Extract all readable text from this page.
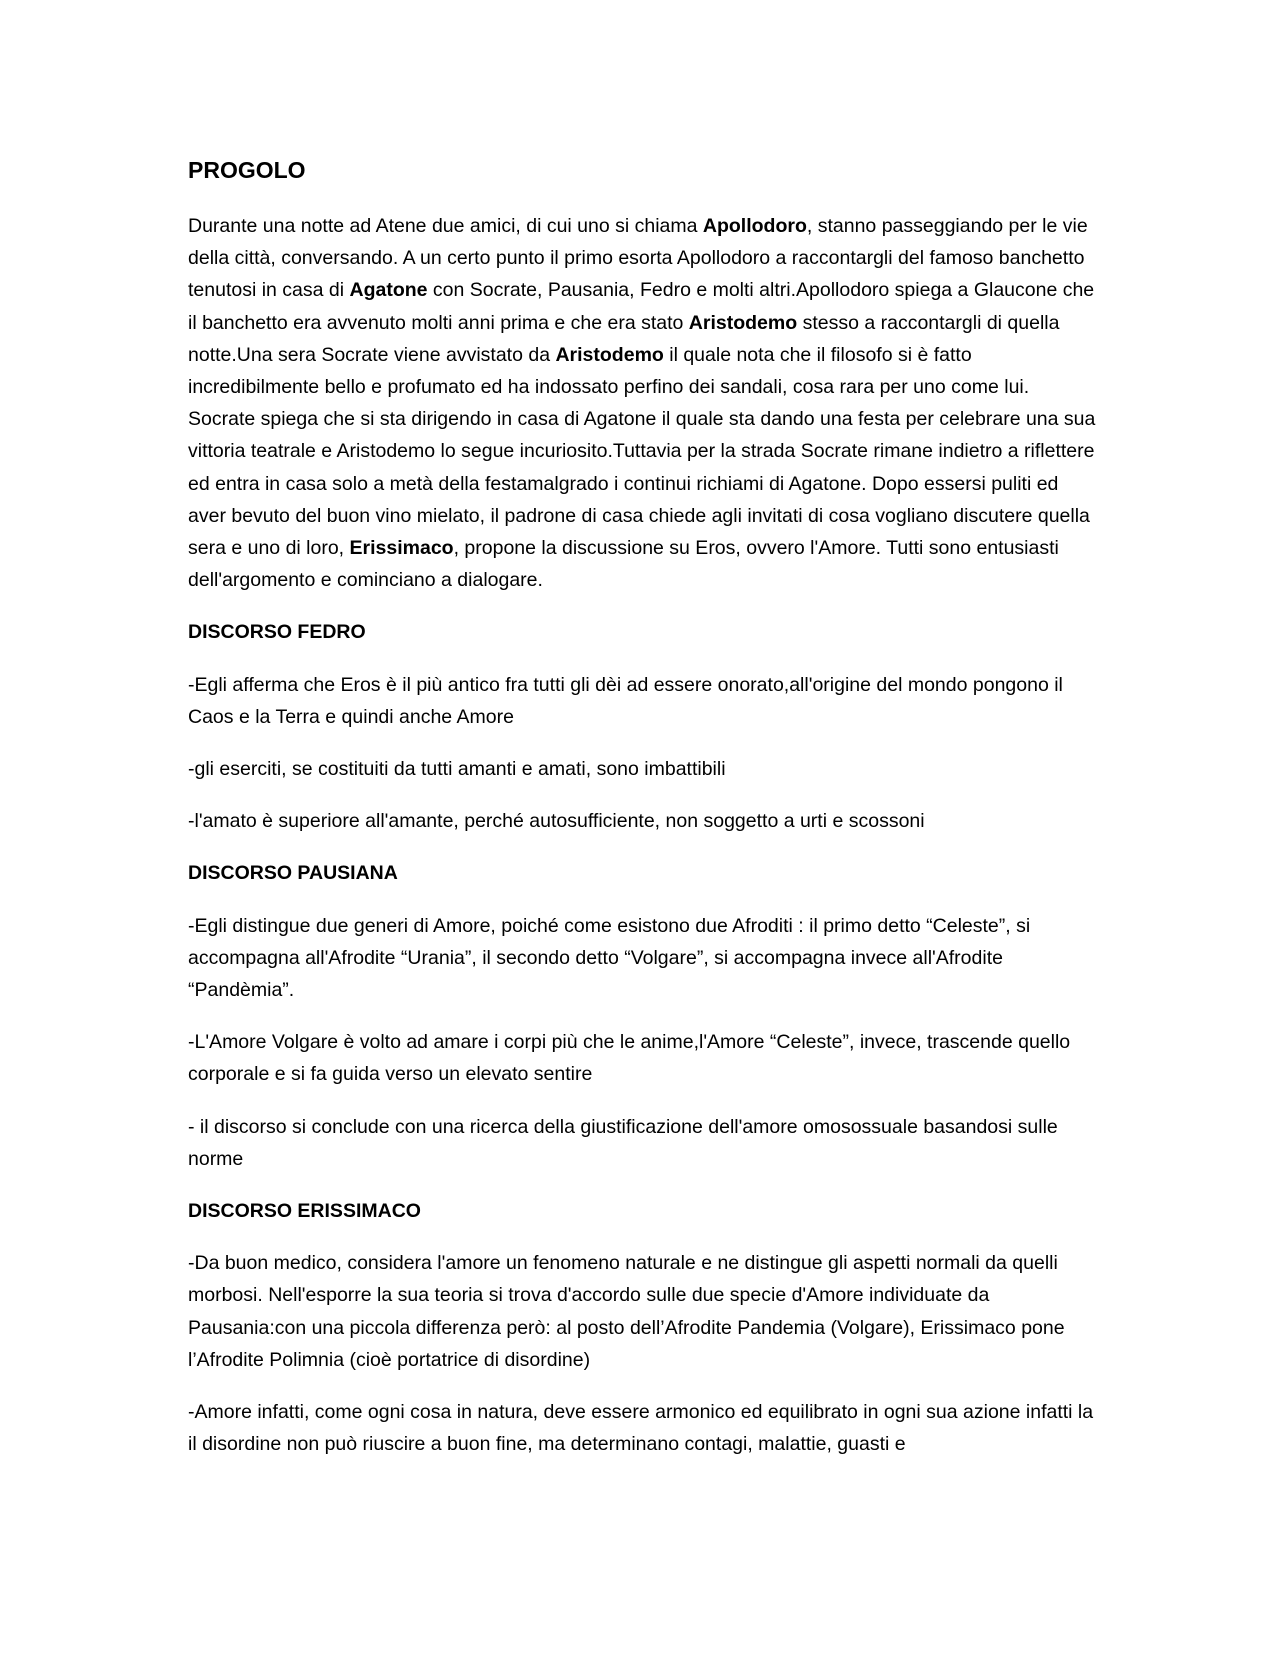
PROGOLO
Durante una notte ad Atene due amici, di cui uno si chiama Apollodoro, stanno passeggiando per le vie della città, conversando. A un certo punto il primo esorta Apollodoro a raccontargli del famoso banchetto tenutosi in casa di Agatone con Socrate, Pausania, Fedro e molti altri.Apollodoro spiega a Glaucone che il banchetto era avvenuto molti anni prima e che era stato Aristodemo stesso a raccontargli di quella notte.Una sera Socrate viene avvistato da Aristodemo il quale nota che il filosofo si è fatto incredibilmente bello e profumato ed ha indossato perfino dei sandali, cosa rara per uno come lui. Socrate spiega che si sta dirigendo in casa di Agatone il quale sta dando una festa per celebrare una sua vittoria teatrale e Aristodemo lo segue incuriosito.Tuttavia per la strada Socrate rimane indietro a riflettere ed entra in casa solo a metà della festamalgrado i continui richiami di Agatone. Dopo essersi puliti ed aver bevuto del buon vino mielato, il padrone di casa chiede agli invitati di cosa vogliano discutere quella sera e uno di loro, Erissimaco, propone la discussione su Eros, ovvero l'Amore. Tutti sono entusiasti dell'argomento e cominciano a dialogare.
DISCORSO FEDRO
-Egli afferma che Eros è il più antico fra tutti gli dèi ad essere onorato,all'origine del mondo pongono il Caos e la Terra e quindi anche Amore
-gli eserciti, se costituiti da tutti amanti e amati, sono imbattibili
-l'amato è superiore all'amante, perché autosufficiente, non soggetto a urti e scossoni
DISCORSO PAUSIANA
-Egli distingue due generi di Amore, poiché come esistono due Afroditi : il primo detto “Celeste”, si accompagna all'Afrodite “Urania”, il secondo detto “Volgare”, si accompagna invece all'Afrodite “Pandèmia”.
-L'Amore Volgare è volto ad amare i corpi più che le anime,l'Amore “Celeste”, invece, trascende quello corporale e si fa guida verso un elevato sentire
- il discorso si conclude con una ricerca della giustificazione dell'amore omosossuale basandosi sulle norme
DISCORSO ERISSIMACO
-Da buon medico, considera l'amore un fenomeno naturale e ne distingue gli aspetti normali da quelli morbosi. Nell'esporre la sua teoria si trova d'accordo sulle due specie d'Amore individuate da Pausania:con una piccola differenza però: al posto dell’Afrodite Pandemia (Volgare), Erissimaco pone l’Afrodite Polimnia (cioè portatrice di disordine)
-Amore infatti, come ogni cosa in natura, deve essere armonico ed equilibrato in ogni sua azione infatti la il disordine non può riuscire a buon fine, ma determinano contagi, malattie, guasti e
